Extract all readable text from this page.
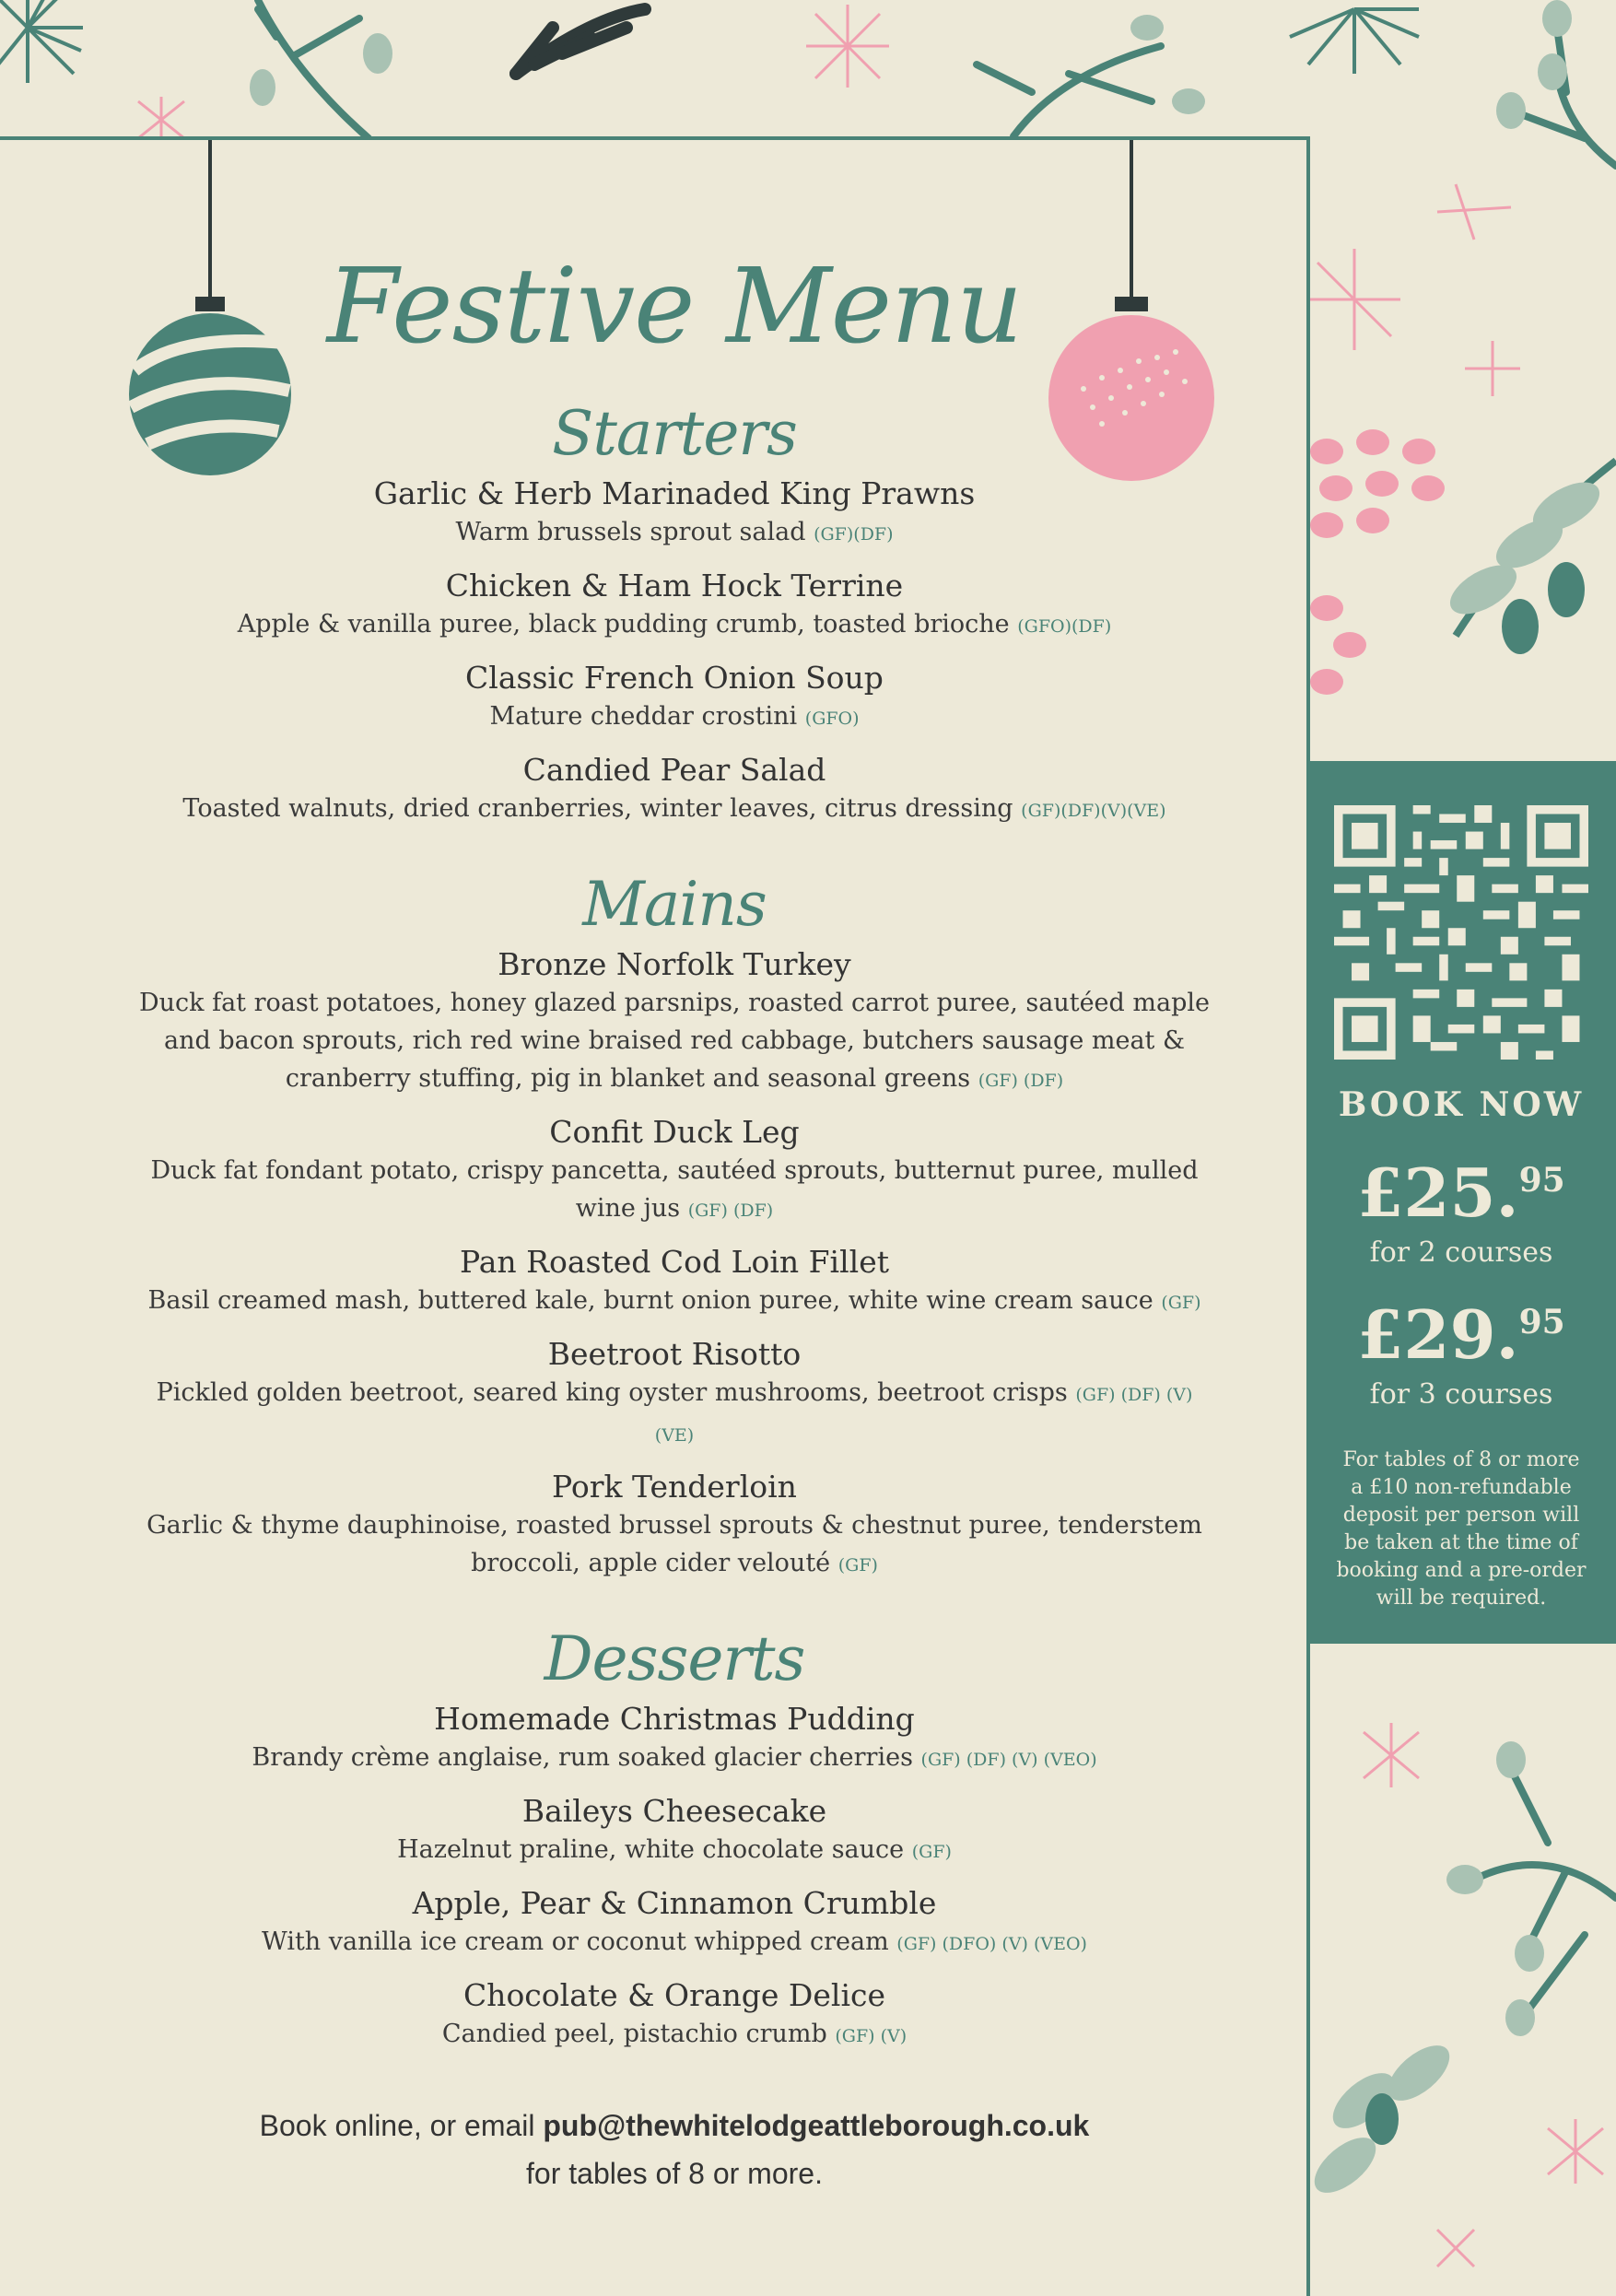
Festive Menu
Starters
Garlic & Herb Marinaded King Prawns
Warm brussels sprout salad (GF)(DF)
Chicken & Ham Hock Terrine
Apple & vanilla puree, black pudding crumb, toasted brioche (GFO)(DF)
Classic French Onion Soup
Mature cheddar crostini (GFO)
Candied Pear Salad
Toasted walnuts, dried cranberries, winter leaves, citrus dressing (GF)(DF)(V)(VE)
Mains
Bronze Norfolk Turkey
Duck fat roast potatoes, honey glazed parsnips, roasted carrot puree, sautéed maple and bacon sprouts, rich red wine braised red cabbage, butchers sausage meat & cranberry stuffing, pig in blanket and seasonal greens (GF) (DF)
Confit Duck Leg
Duck fat fondant potato, crispy pancetta, sautéed sprouts, butternut puree, mulled wine jus (GF) (DF)
Pan Roasted Cod Loin Fillet
Basil creamed mash, buttered kale, burnt onion puree, white wine cream sauce (GF)
Beetroot Risotto
Pickled golden beetroot, seared king oyster mushrooms, beetroot crisps (GF) (DF) (V) (VE)
Pork Tenderloin
Garlic & thyme dauphinoise, roasted brussel sprouts & chestnut puree, tenderstem broccoli, apple cider velouté (GF)
Desserts
Homemade Christmas Pudding
Brandy crème anglaise, rum soaked glacier cherries (GF) (DF) (V) (VEO)
Baileys Cheesecake
Hazelnut praline, white chocolate sauce (GF)
Apple, Pear & Cinnamon Crumble
With vanilla ice cream or coconut whipped cream (GF) (DFO) (V) (VEO)
Chocolate & Orange Delice
Candied peel, pistachio crumb (GF) (V)
Book online, or email pub@thewhitelodgeattleborough.co.uk
for tables of 8 or more.
BOOK NOW
£25.95
for 2 courses
£29.95
for 3 courses
For tables of 8 or more a £10 non-refundable deposit per person will be taken at the time of booking and a pre-order will be required.
